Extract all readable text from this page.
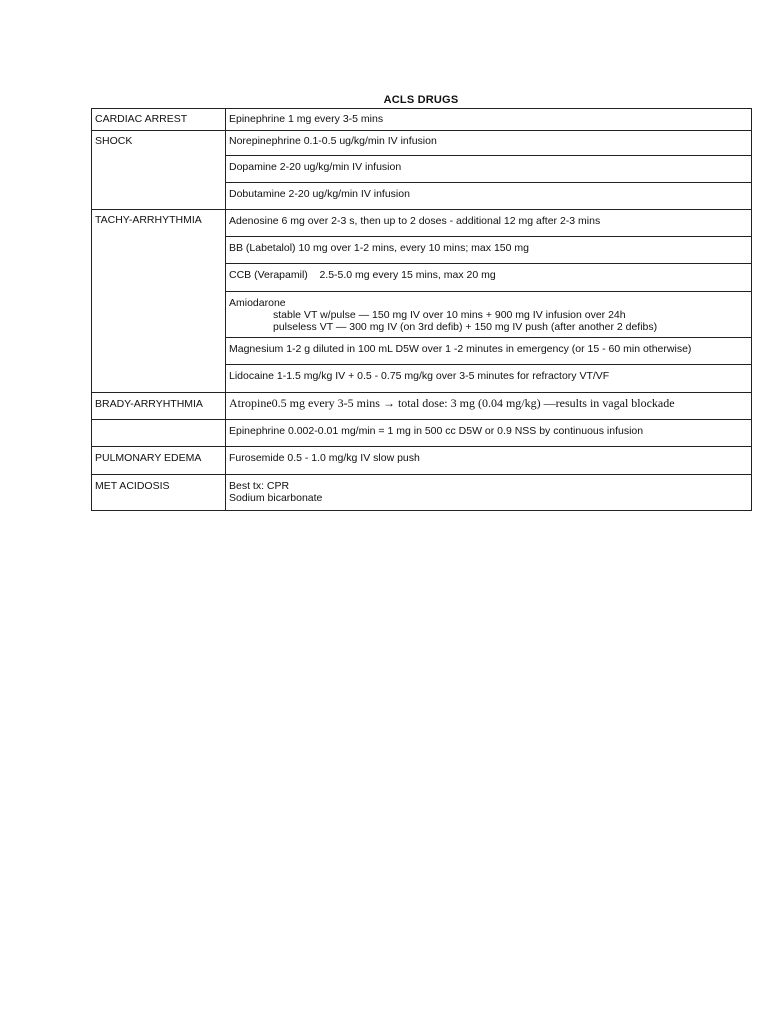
ACLS DRUGS
CARDIAC ARREST	Epinephrine 1 mg every 3-5 mins
SHOCK	Norepinephrine 0.1-0.5 ug/kg/min IV infusion
	Dopamine 2-20 ug/kg/min IV infusion
	Dobutamine 2-20 ug/kg/min IV infusion
TACHY-ARRHYTHMIA	Adenosine 6 mg over 2-3 s, then up to 2 doses - additional 12 mg after 2-3 mins
	BB (Labetalol) 10 mg over 1-2 mins, every 10 mins; max 150 mg
	CCB (Verapamil)    2.5-5.0 mg every 15 mins, max 20 mg

	Amiodarone
stable VT w/pulse — 150 mg IV over 10 mins + 900 mg IV infusion over 24h
pulseless VT — 300 mg IV (on 3rd defib) + 150 mg IV push (after another 2 defibs)

	Magnesium 1-2 g diluted in 100 mL D5W over 1 -2 minutes in emergency (or 15 - 60 min otherwise)
	Lidocaine 1-1.5 mg/kg IV + 0.5 - 0.75 mg/kg over 3-5 minutes for refractory VT/VF
BRADY-ARRYHTHMIA	Atropine0.5 mg every 3-5 mins → total dose: 3 mg (0.04 mg/kg) —results in vagal blockade
	Epinephrine 0.002-0.01 mg/min = 1 mg in 500 cc D5W or 0.9 NSS by continuous infusion
PULMONARY EDEMA	Furosemide 0.5 - 1.0 mg/kg IV slow push
MET ACIDOSIS	Best tx: CPR
Sodium bicarbonate
